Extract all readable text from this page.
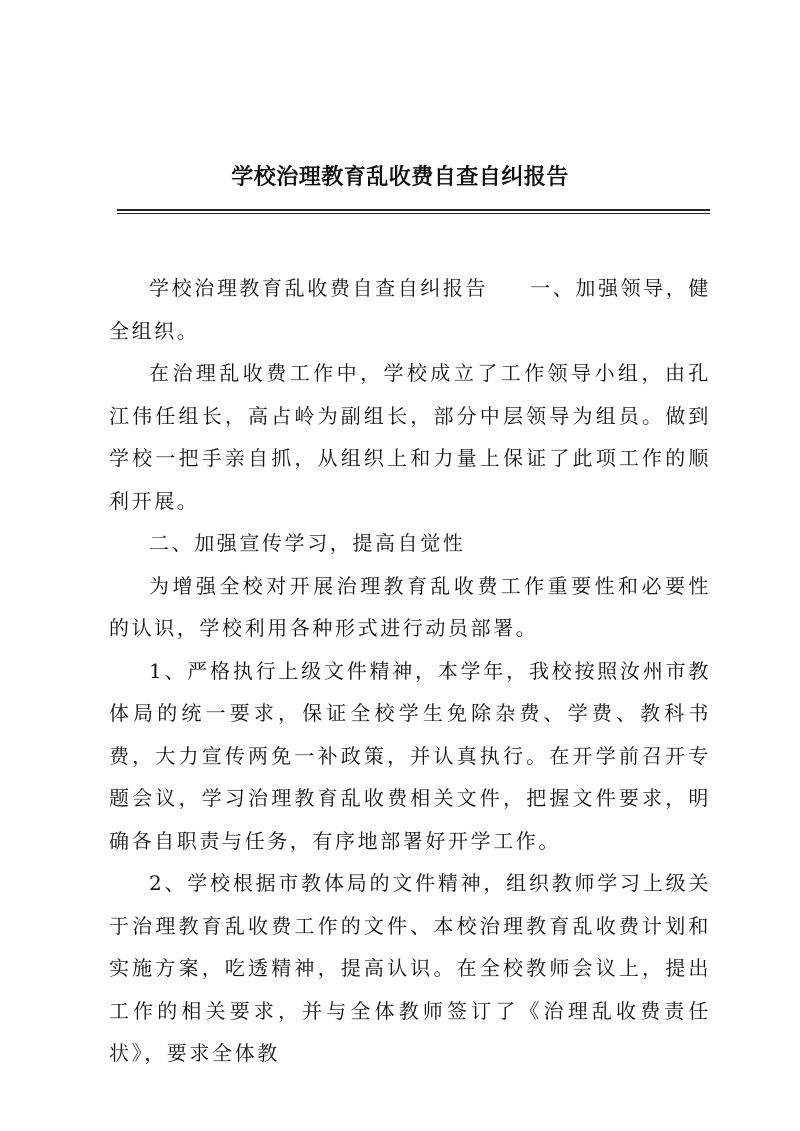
学校治理教育乱收费自查自纠报告

学校治理教育乱收费自查自纠报告 一、加强领导，健全组织。

在治理乱收费工作中，学校成立了工作领导小组，由孔江伟任组长，高占岭为副组长，部分中层领导为组员。做到学校一把手亲自抓，从组织上和力量上保证了此项工作的顺利开展。

二、加强宣传学习，提高自觉性

为增强全校对开展治理教育乱收费工作重要性和必要性的认识，学校利用各种形式进行动员部署。

1、严格执行上级文件精神，本学年，我校按照汝州市教体局的统一要求，保证全校学生免除杂费、学费、教科书费，大力宣传两免一补政策，并认真执行。在开学前召开专题会议，学习治理教育乱收费相关文件，把握文件要求，明确各自职责与任务，有序地部署好开学工作。

2、学校根据市教体局的文件精神，组织教师学习上级关于治理教育乱收费工作的文件、本校治理教育乱收费计划和实施方案，吃透精神，提高认识。在全校教师会议上，提出工作的相关要求，并与全体教师签订了《治理乱收费责任状》，要求全体教
